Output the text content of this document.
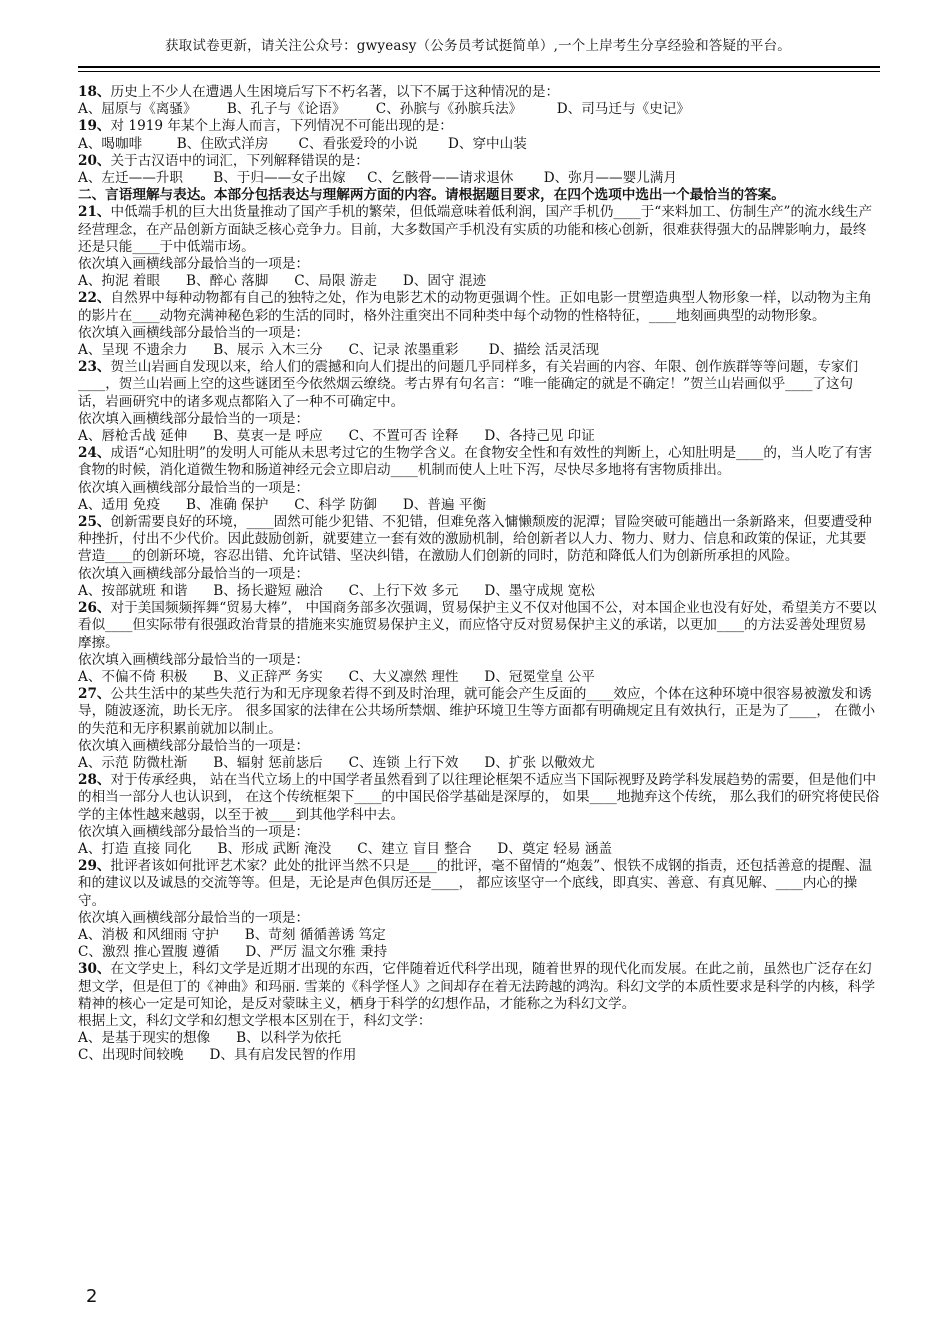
获取试卷更新，请关注公众号：gwyeasy（公务员考试挺简单）,一个上岸考生分享经验和答疑的平台。

18、历史上不少人在遭遇人生困境后写下不朽名著，以下不属于这种情况的是：

A、屈原与《离骚》       B、孔子与《论语》       C、孙膑与《孙膑兵法》        D、司马迁与《史记》

19、对 1919 年某个上海人而言，下列情况不可能出现的是：

A、喝咖啡        B、住欧式洋房       C、看张爱玲的小说       D、穿中山装

20、关于古汉语中的词汇，下列解释错误的是：

A、左迁——升职       B、于归——女子出嫁     C、乞骸骨——请求退休       D、弥月——婴儿满月

二、言语理解与表达。本部分包括表达与理解两方面的内容。请根据题目要求，在四个选项中选出一个最恰当的答案。

21、中低端手机的巨大出货量推动了国产手机的繁荣，但低端意味着低利润，国产手机仍____于“来料加工、仿制生产”的流水线生产经营理念，在产品创新方面缺乏核心竞争力。目前，大多数国产手机没有实质的功能和核心创新，很难获得强大的品牌影响力，最终还是只能____于中低端市场。

依次填入画横线部分最恰当的一项是：

A、拘泥 着眼      B、醉心 落脚      C、局限 游走      D、固守 混迹

22、自然界中每种动物都有自己的独特之处，作为电影艺术的动物更强调个性。正如电影一贯塑造典型人物形象一样，以动物为主角的影片在____动物充满神秘色彩的生活的同时，格外注重突出不同种类中每个动物的性格特征，____地刻画典型的动物形象。

依次填入画横线部分最恰当的一项是：

A、呈现 不遗余力      B、展示 入木三分      C、记录 浓墨重彩       D、描绘 活灵活现

23、贺兰山岩画自发现以来，给人们的震撼和向人们提出的问题几乎同样多，有关岩画的内容、年限、创作族群等等问题，专家们____，贺兰山岩画上空的这些谜团至今依然烟云缭绕。考古界有句名言：“唯一能确定的就是不确定！”贺兰山岩画似乎____了这句话，岩画研究中的诸多观点都陷入了一种不可确定中。

依次填入画横线部分最恰当的一项是：

A、唇枪舌战 延伸      B、莫衷一是 呼应      C、不置可否 诠释      D、各持己见 印证

24、成语“心知肚明”的发明人可能从未思考过它的生物学含义。在食物安全性和有效性的判断上，心知肚明是____的，当人吃了有害食物的时候，消化道微生物和肠道神经元会立即启动____机制而使人上吐下泻，尽快尽多地将有害物质排出。

依次填入画横线部分最恰当的一项是：

A、适用 免疫      B、准确 保护      C、科学 防御      D、普遍 平衡

25、创新需要良好的环境，____固然可能少犯错、不犯错，但难免落入慵懒颓废的泥潭；冒险突破可能趟出一条新路来，但要遭受种种挫折，付出不少代价。因此鼓励创新，就要建立一套有效的激励机制，给创新者以人力、物力、财力、信息和政策的保证，尤其要营造____的创新环境，容忍出错、允许试错、坚决纠错，在激励人们创新的同时，防范和降低人们为创新所承担的风险。

依次填入画横线部分最恰当的一项是：

A、按部就班 和谐      B、扬长避短 融洽      C、上行下效 多元      D、墨守成规 宽松

26、对于美国频频挥舞“贸易大棒”， 中国商务部多次强调，贸易保护主义不仅对他国不公，对本国企业也没有好处，希望美方不要以看似____但实际带有很强政治背景的措施来实施贸易保护主义，而应恪守反对贸易保护主义的承诺，以更加____的方法妥善处理贸易摩擦。

依次填入画横线部分最恰当的一项是：

A、不偏不倚 积极      B、义正辞严 务实      C、大义凛然 理性      D、冠冕堂皇 公平

27、公共生活中的某些失范行为和无序现象若得不到及时治理，就可能会产生反面的____效应，个体在这种环境中很容易被激发和诱导，随波逐流，助长无序。 很多国家的法律在公共场所禁烟、维护环境卫生等方面都有明确规定且有效执行，正是为了____， 在微小的失范和无序积累前就加以制止。

依次填入画横线部分最恰当的一项是：

A、示范 防微杜渐      B、辐射 惩前毖后      C、连锁 上行下效      D、扩张 以儆效尤

28、对于传承经典， 站在当代立场上的中国学者虽然看到了以往理论框架不适应当下国际视野及跨学科发展趋势的需要，但是他们中的相当一部分人也认识到， 在这个传统框架下____的中国民俗学基础是深厚的， 如果____地抛弃这个传统， 那么我们的研究将使民俗学的主体性越来越弱，以至于被____到其他学科中去。

依次填入画横线部分最恰当的一项是：

A、打造 直接 同化      B、形成 武断 淹没      C、建立 盲目 整合      D、奠定 轻易 涵盖

29、批评者该如何批评艺术家？此处的批评当然不只是____的批评，毫不留情的“炮轰”、恨铁不成钢的指责，还包括善意的提醒、温和的建议以及诚恳的交流等等。但是，无论是声色俱厉还是____， 都应该坚守一个底线，即真实、善意、有真见解、____内心的操守。

依次填入画横线部分最恰当的一项是：

A、消极 和风细雨 守护      B、苛刻 循循善诱 笃定

C、激烈 推心置腹 遵循      D、严厉 温文尔雅 秉持

30、在文学史上，科幻文学是近期才出现的东西，它伴随着近代科学出现，随着世界的现代化而发展。在此之前，虽然也广泛存在幻想文学，但是但丁的《神曲》和玛丽. 雪莱的《科学怪人》之间却存在着无法跨越的鸿沟。科幻文学的本质性要求是科学的内核，科学精神的核心一定是可知论，是反对蒙昧主义，栖身于科学的幻想作品，才能称之为科幻文学。

根据上文，科幻文学和幻想文学根本区别在于，科幻文学：

A、是基于现实的想像      B、以科学为依托

C、出现时间较晚      D、具有启发民智的作用

2
